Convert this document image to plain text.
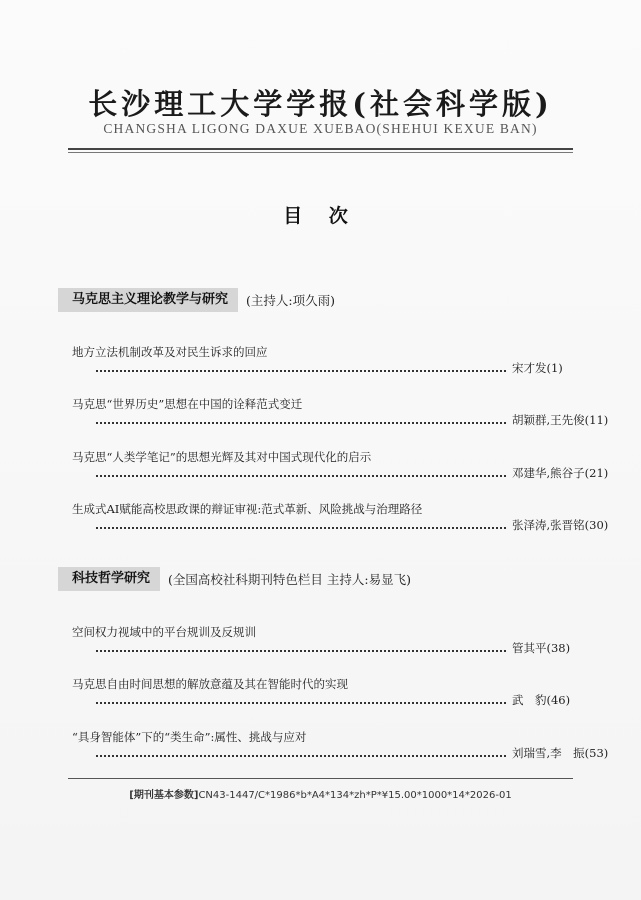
长沙理工大学学报(社会科学版)
CHANGSHA LIGONG DAXUE XUEBAO(SHEHUI KEXUE BAN)
目 次
马克思主义理论教学与研究	(主持人:项久雨)
地方立法机制改革及对民生诉求的回应
宋才发 (1)
马克思“世界历史”思想在中国的诠释范式变迁
胡颖群,王先俊 (11)
马克思“人类学笔记”的思想光辉及其对中国式现代化的启示
邓建华,熊谷子 (21)
生成式AI赋能高校思政课的辩证审视:范式革新、风险挑战与治理路径
张泽涛,张晋铭 (30)
科技哲学研究	(全国高校社科期刊特色栏目 主持人:易显飞)
空间权力视域中的平台规训及反规训
管其平 (38)
马克思自由时间思想的解放意蕴及其在智能时代的实现
武　豹 (46)
“具身智能体”下的“类生命”:属性、挑战与应对
刘瑞雪,李　振 (53)
[期刊基本参数]CN43-1447/C*1986*b*A4*134*zh*P*¥15.00*1000*14*2026-01
